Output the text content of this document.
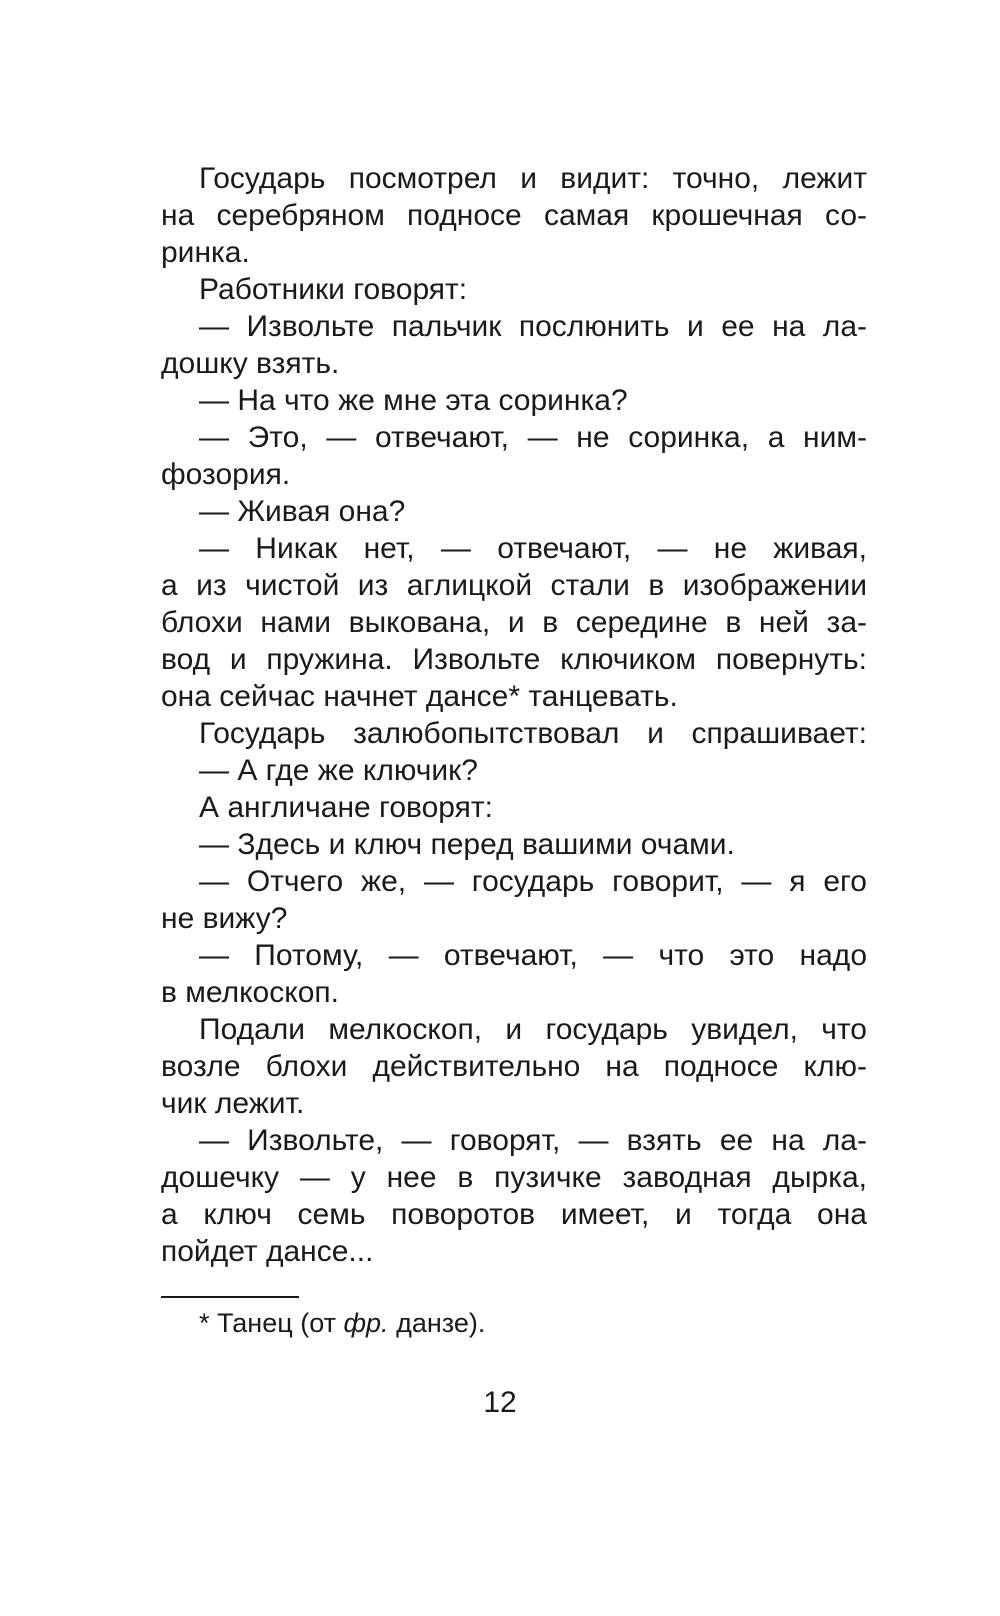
Государь посмотрел и видит: точно, лежит
на серебряном подносе самая крошечная со-
ринка.
Работники говорят:
— Извольте пальчик послюнить и ее на ла-
дошку взять.
— На что же мне эта соринка?
— Это, — отвечают, — не соринка, а ним-
фозория.
— Живая она?
— Никак нет, — отвечают, — не живая,
а из чистой из аглицкой стали в изображении
блохи нами выкована, и в середине в ней за-
вод и пружина. Извольте ключиком повернуть:
она сейчас начнет дансе* танцевать.
Государь залюбопытствовал и спрашивает:
— А где же ключик?
А англичане говорят:
— Здесь и ключ перед вашими очами.
— Отчего же, — государь говорит, — я его
не вижу?
— Потому, — отвечают, — что это надо
в мелкоскоп.
Подали мелкоскоп, и государь увидел, что
возле блохи действительно на подносе клю-
чик лежит.
— Извольте, — говорят, — взять ее на ла-
дошечку — у нее в пузичке заводная дырка,
а ключ семь поворотов имеет, и тогда она
пойдет дансе...
* Танец (от фр. данзе).
12
